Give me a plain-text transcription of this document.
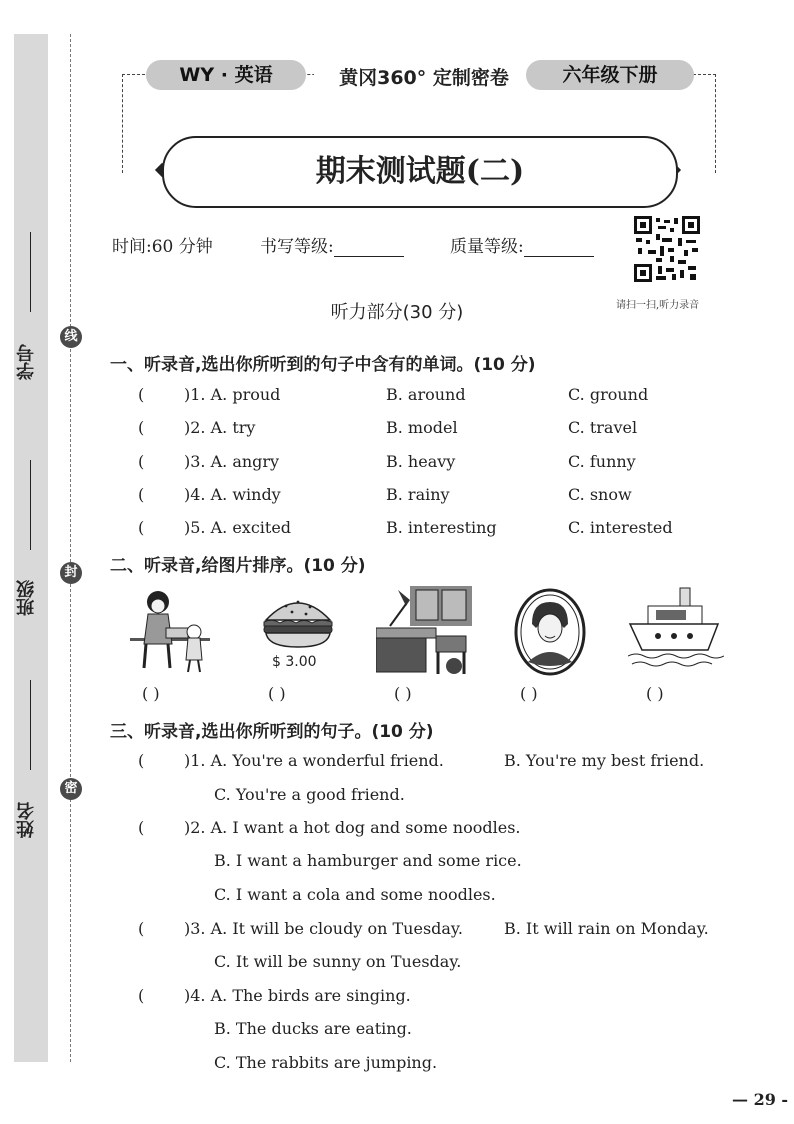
学号
班级
姓名
线
封
密
WY · 英语	黄冈360° 定制密卷	六年级下册
期末测试题(二)
时间:60 分钟	书写等级:	质量等级:
请扫一扫,听力录音
听力部分(30 分)
一、听录音,选出你所听到的句子中含有的单词。(10 分)
( )1. A. proud	B. around	C. ground
( )2. A. try	B. model	C. travel
( )3. A. angry	B. heavy	C. funny
( )4. A. windy	B. rainy	C. snow
( )5. A. excited	B. interesting	C. interested
二、听录音,给图片排序。(10 分)
$ 3.00
( )	( )	( )	( )	( )
三、听录音,选出你所听到的句子。(10 分)
( )1. A. You're a wonderful friend.	B. You're my best friend.
C. You're a good friend.
( )2. A. I want a hot dog and some noodles.
B. I want a hamburger and some rice.
C. I want a cola and some noodles.
( )3. A. It will be cloudy on Tuesday.	B. It will rain on Monday.
C. It will be sunny on Tuesday.
( )4. A. The birds are singing.
B. The ducks are eating.
C. The rabbits are jumping.
— 29 -
